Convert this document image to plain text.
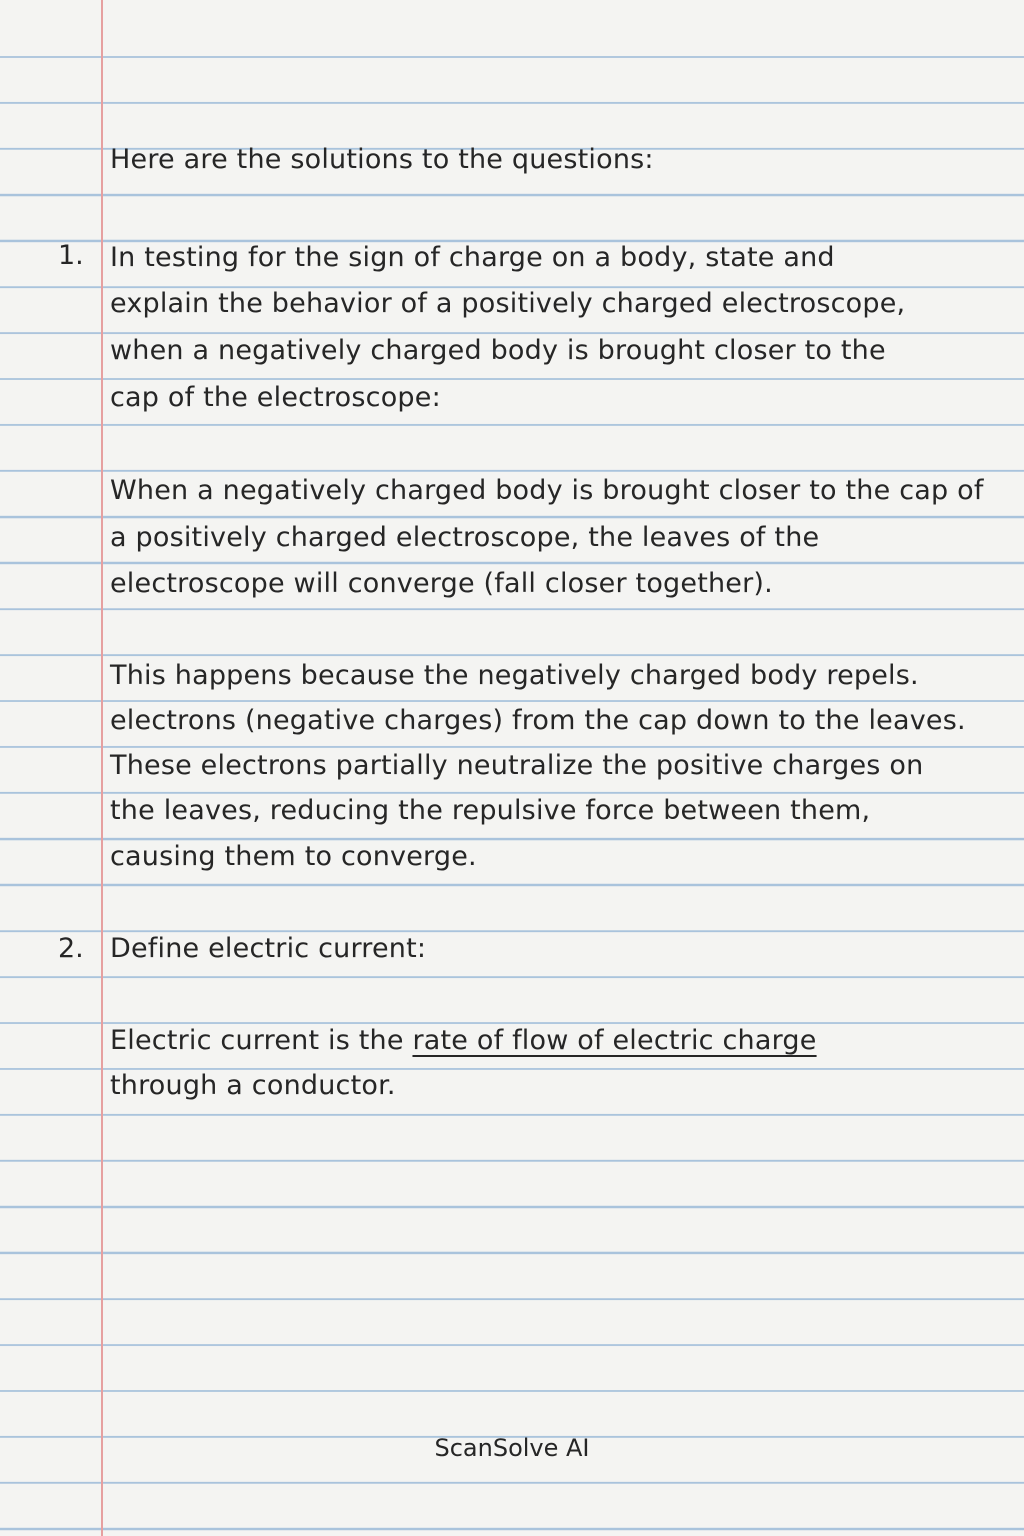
Here are the solutions to the questions:
1. In testing for the sign of charge on a body, state and
explain the behavior of a positively charged electroscope,
when a negatively charged body is brought closer to the
cap of the electroscope:
When a negatively charged body is brought closer to the cap of
a positively charged electroscope, the leaves of the
electroscope will converge (fall closer together).
This happens because the negatively charged body repels.
electrons (negative charges) from the cap down to the leaves.
These electrons partially neutralize the positive charges on
the leaves, reducing the repulsive force between them,
causing them to converge.
2. Define electric current:
Electric current is the rate of flow of electric charge
through a conductor.
ScanSolve AI
